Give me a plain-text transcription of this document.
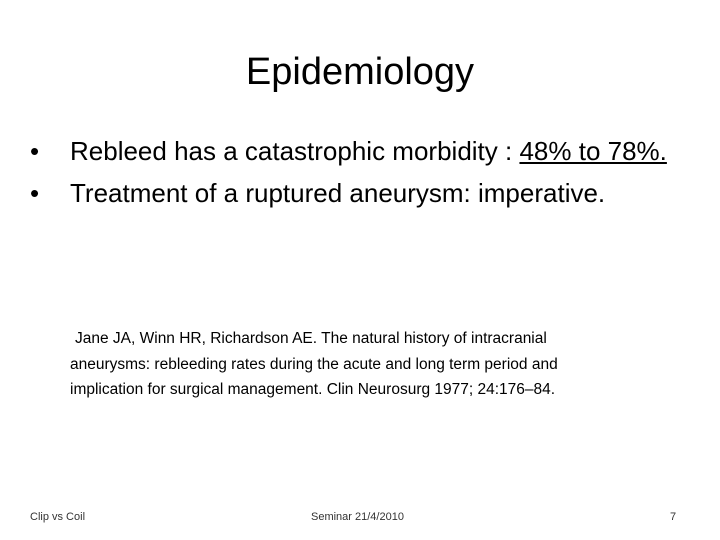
Epidemiology
• Rebleed has a catastrophic morbidity : 48% to 78%.
• Treatment of a ruptured aneurysm: imperative.
Jane JA, Winn HR, Richardson AE. The natural history of intracranial
aneurysms: rebleeding rates during the acute and long term period and
implication for surgical management. Clin Neurosurg 1977; 24:176–84.
Clip vs Coil	Seminar 21/4/2010	7
